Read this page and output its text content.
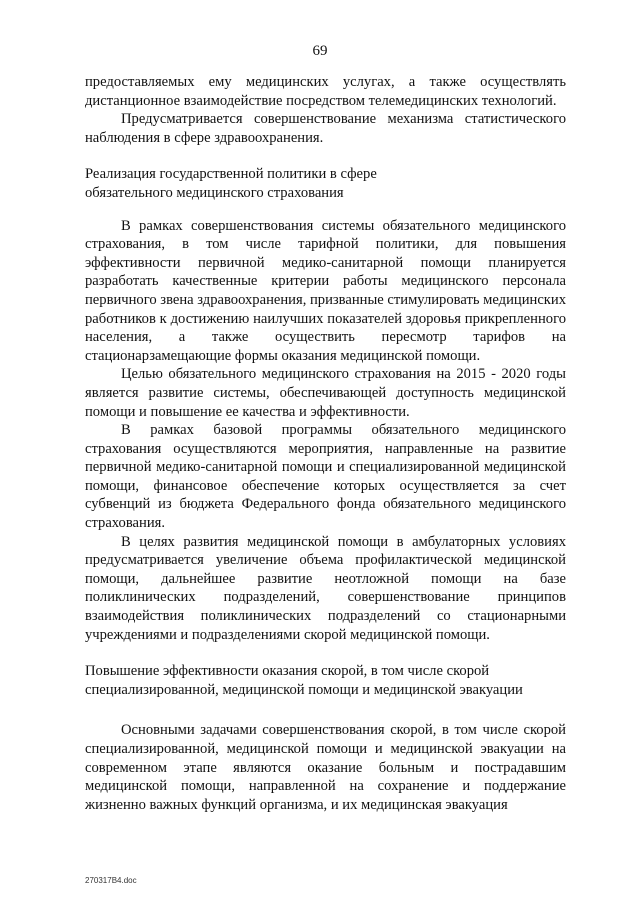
69

предоставляемых ему медицинских услугах, а также осуществлять дистанционное взаимодействие посредством телемедицинских технологий.

Предусматривается совершенствование механизма статистического наблюдения в сфере здравоохранения.

Реализация государственной политики в сфере

обязательного медицинского страхования

В рамках совершенствования системы обязательного медицинского страхования, в том числе тарифной политики, для повышения эффективности первичной медико-санитарной помощи планируется разработать качественные критерии работы медицинского персонала первичного звена здравоохранения, призванные стимулировать медицинских работников к достижению наилучших показателей здоровья прикрепленного населения, а также осуществить пересмотр тарифов на стационарзамещающие формы оказания медицинской помощи.

Целью обязательного медицинского страхования на 2015 - 2020 годы является развитие системы, обеспечивающей доступность медицинской помощи и повышение ее качества и эффективности.

В рамках базовой программы обязательного медицинского страхования осуществляются мероприятия, направленные на развитие первичной медико-санитарной помощи и специализированной медицинской помощи, финансовое обеспечение которых осуществляется за счет субвенций из бюджета Федерального фонда обязательного медицинского страхования.

В целях развития медицинской помощи в амбулаторных условиях предусматривается увеличение объема профилактической медицинской помощи, дальнейшее развитие неотложной помощи на базе поликлинических подразделений, совершенствование принципов взаимодействия поликлинических подразделений со стационарными учреждениями и подразделениями скорой медицинской помощи.

Повышение эффективности оказания скорой, в том числе скорой

специализированной, медицинской помощи и медицинской эвакуации

Основными задачами совершенствования скорой, в том числе скорой специализированной, медицинской помощи и медицинской эвакуации на современном этапе являются оказание больным и пострадавшим медицинской помощи, направленной на сохранение и поддержание жизненно важных функций организма, и их медицинская эвакуация

270317B4.doc
